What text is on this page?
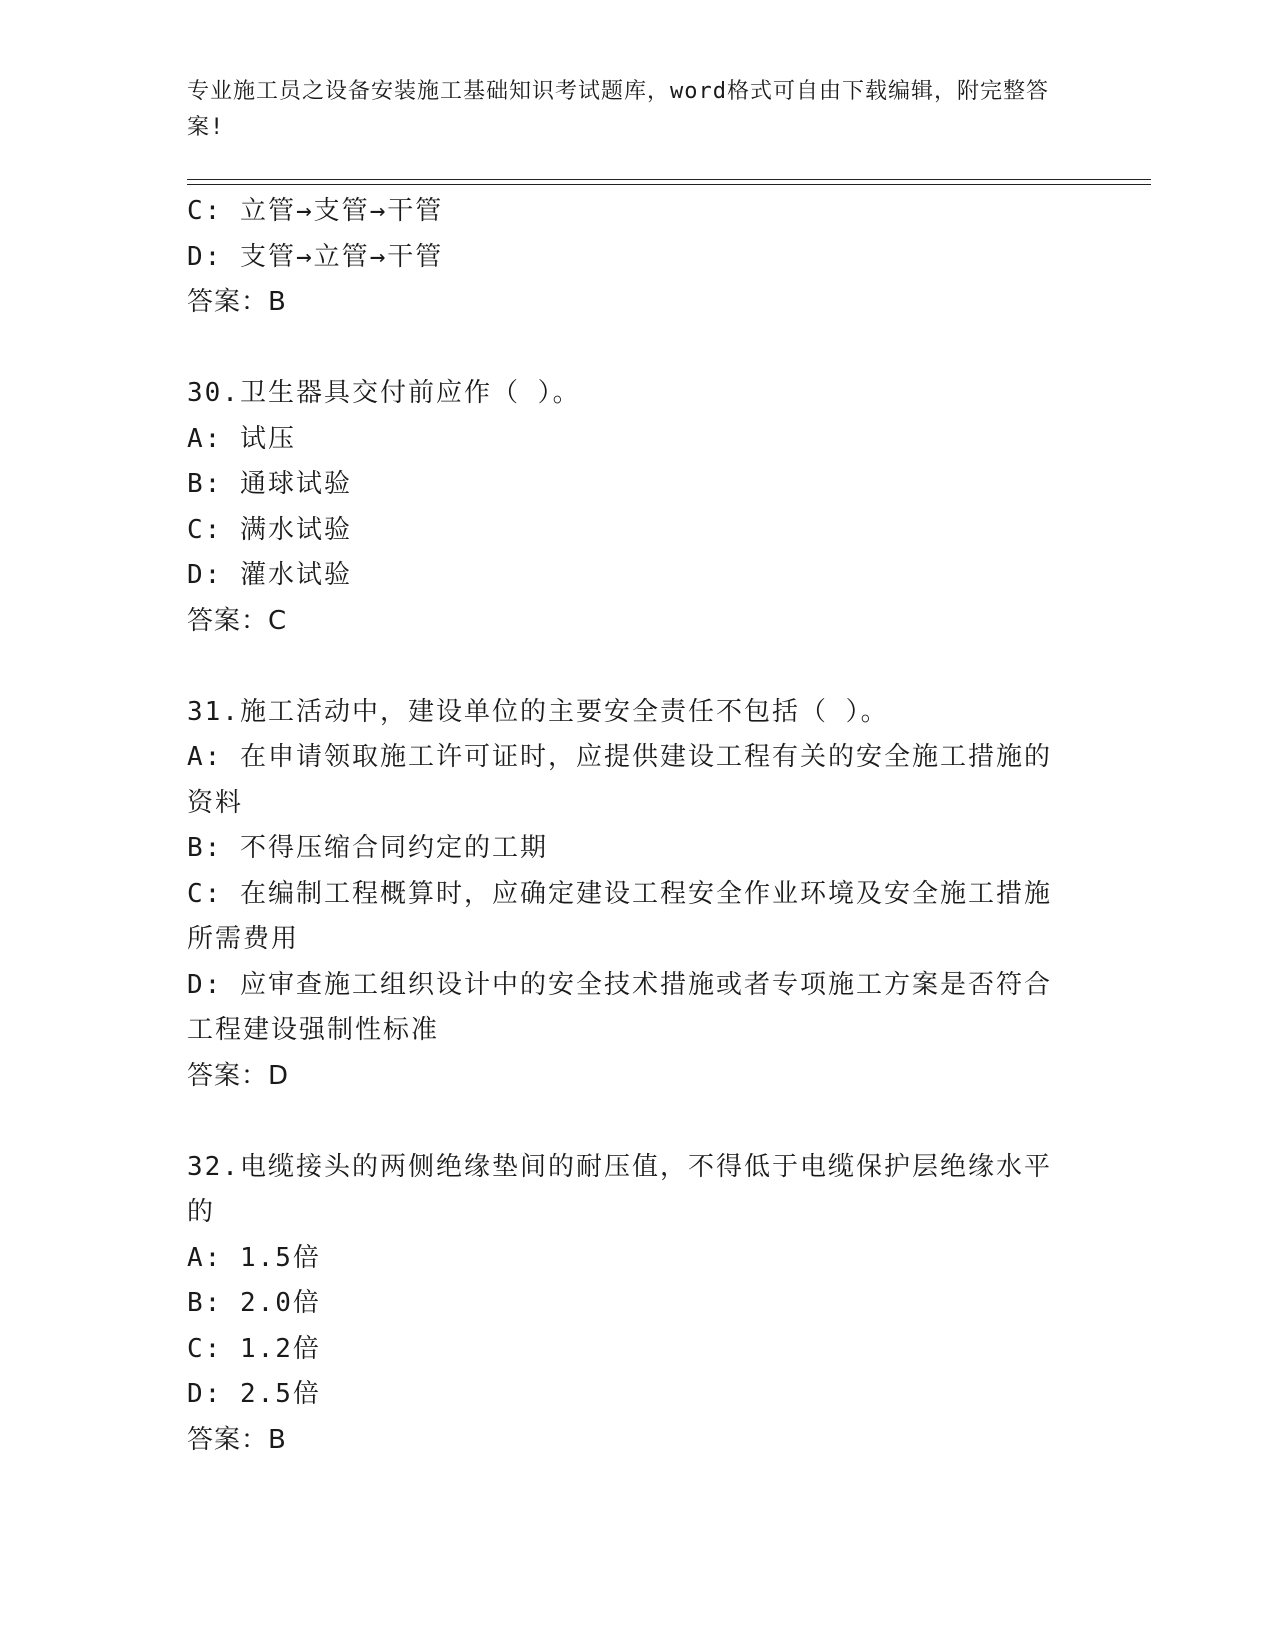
专业施工员之设备安装施工基础知识考试题库，word格式可自由下载编辑，附完整答案!
C: 立管→支管→干管
D: 支管→立管→干管
答案：B
30.卫生器具交付前应作（ ）。
A: 试压
B: 通球试验
C: 满水试验
D: 灌水试验
答案：C
31.施工活动中，建设单位的主要安全责任不包括（ ）。
A: 在申请领取施工许可证时，应提供建设工程有关的安全施工措施的资料
B: 不得压缩合同约定的工期
C: 在编制工程概算时，应确定建设工程安全作业环境及安全施工措施所需费用
D: 应审查施工组织设计中的安全技术措施或者专项施工方案是否符合工程建设强制性标准
答案：D
32.电缆接头的两侧绝缘垫间的耐压值，不得低于电缆保护层绝缘水平的
A: 1.5倍
B: 2.0倍
C: 1.2倍
D: 2.5倍
答案：B
